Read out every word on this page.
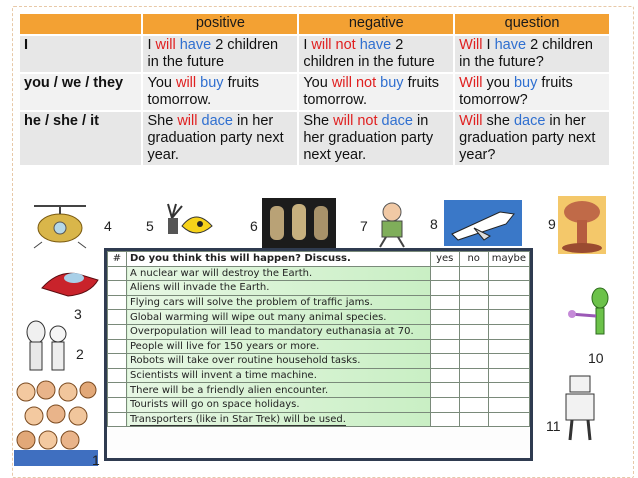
	positive	negative	question
I	I will have 2 children in the future	I will not have 2 children in the future	Will I have 2 children in the future?
you / we / they	You will buy fruits tomorrow.	You will not buy fruits tomorrow.	Will you buy fruits tomorrow?
he / she / it	She will dace in her graduation party next year.	She will not dace in her graduation party next year.	Will she dace in her graduation party next year?
4 5	6	7	8	9
3
2	10
11
1
#	Do you think this will happen? Discuss.	yes	no	maybe
	A nuclear war will destroy the Earth.			
	Aliens will invade the Earth.			
	Flying cars will solve the problem of traffic jams.			
	Global warming will wipe out many animal species.			
	Overpopulation will lead to mandatory euthanasia at 70.			
	People will live for 150 years or more.			
	Robots will take over routine household tasks.			
	Scientists will invent a time machine.			
	There will be a friendly alien encounter.			
	Tourists will go on space holidays.			
	Transporters (like in Star Trek) will be used.			
